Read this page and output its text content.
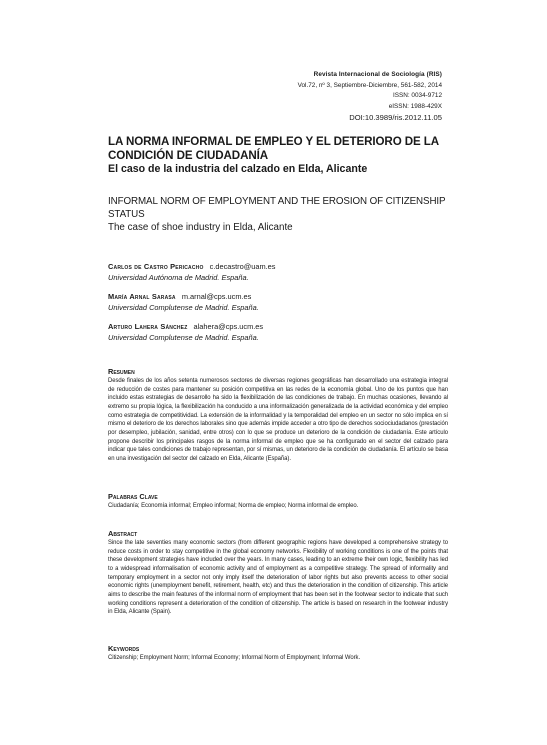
Revista Internacional de Sociología (RIS)
Vol.72, nº 3, Septiembre-Diciembre, 561-582, 2014
ISSN: 0034-9712
eISSN: 1988-429X
DOI:10.3989/ris.2012.11.05
LA NORMA INFORMAL DE EMPLEO Y EL DETERIORO DE LA CONDICIÓN DE CIUDADANÍA
El caso de la industria del calzado en Elda, Alicante
INFORMAL NORM OF EMPLOYMENT AND THE EROSION OF CITIZENSHIP STATUS
The case of shoe industry in Elda, Alicante
Carlos de Castro Pericacho c.decastro@uam.es
Universidad Autónoma de Madrid. España.
María Arnal Sarasa m.arnal@cps.ucm.es
Universidad Complutense de Madrid. España.
Arturo Lahera Sánchez alahera@cps.ucm.es
Universidad Complutense de Madrid. España.
Resumen
Desde finales de los años setenta numerosos sectores de diversas regiones geográficas han desarrollado una estrategia integral de reducción de costes para mantener su posición competitiva en las redes de la economía global. Uno de los puntos que han incluido estas estrategias de desarrollo ha sido la flexibilización de las condiciones de trabajo. En muchas ocasiones, llevando al extremo su propia lógica, la flexibilización ha conducido a una informalización generalizada de la actividad económica y del empleo como estrategia de competitividad. La extensión de la informalidad y la temporalidad del empleo en un sector no sólo implica en sí mismo el deterioro de los derechos laborales sino que además impide acceder a otro tipo de derechos sociociudadanos (prestación por desempleo, jubilación, sanidad, entre otros) con lo que se produce un deterioro de la condición de ciudadanía. Este artículo propone describir los principales rasgos de la norma informal de empleo que se ha configurado en el sector del calzado para indicar que tales condiciones de trabajo representan, por sí mismas, un deterioro de la condición de ciudadanía. El artículo se basa en una investigación del sector del calzado en Elda, Alicante (España).
Palabras Clave
Ciudadanía; Economía informal; Empleo informal; Norma de empleo; Norma informal de empleo.
Abstract
Since the late seventies many economic sectors (from different geographic regions have developed a comprehensive strategy to reduce costs in order to stay competitive in the global economy networks. Flexibility of working conditions is one of the points that these development strategies have included over the years. In many cases, leading to an extreme their own logic, flexibility has led to a widespread informalisation of economic activity and of employment as a competitive strategy. The spread of informality and temporary employment in a sector not only imply itself the deterioration of labor rights but also prevents access to other social economic rights (unemployment benefit, retirement, health, etc) and thus the deterioration in the condition of citizenship. This article aims to describe the main features of the informal norm of employment that has been set in the footwear sector to indicate that such working conditions represent a deterioration of the condition of citizenship. The article is based on research in the footwear industry in Elda, Alicante (Spain).
Keywords
Citizenship; Employment Norm; Informal Economy; Informal Norm of Employment; Informal Work.
